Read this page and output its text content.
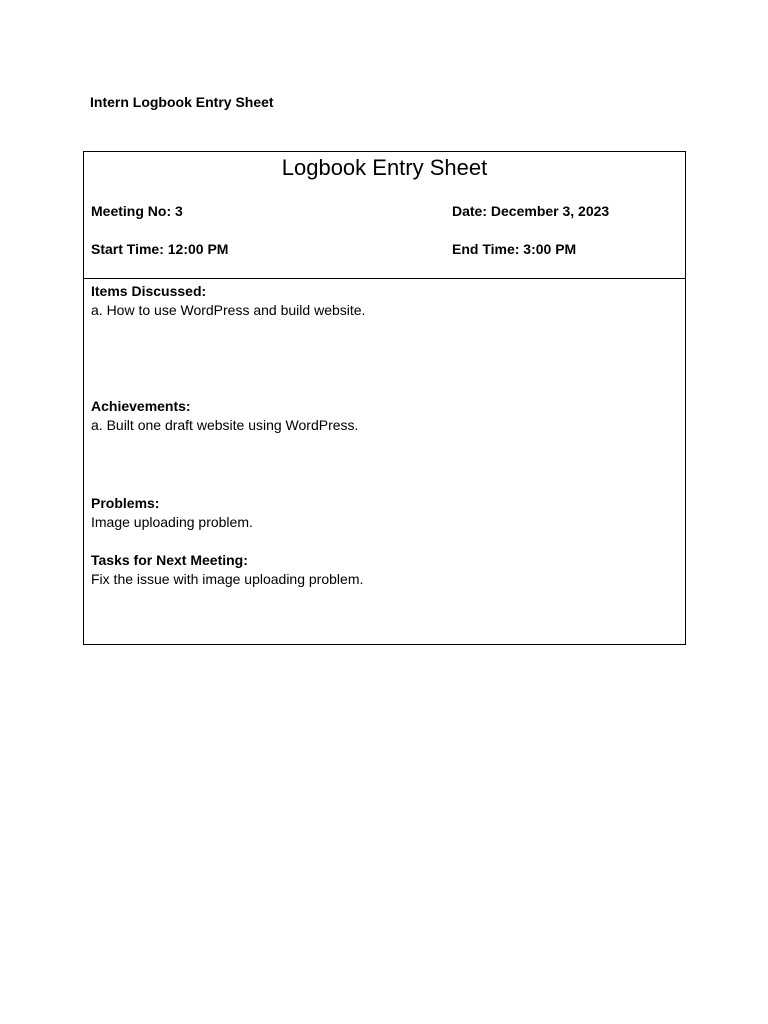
Intern Logbook Entry Sheet
Logbook Entry Sheet
Meeting No: 3	Date: December 3, 2023
Start Time: 12:00 PM	End Time: 3:00 PM
Items Discussed:
a. How to use WordPress and build website.
Achievements:
a. Built one draft website using WordPress.
Problems:
Image uploading problem.
Tasks for Next Meeting:
Fix the issue with image uploading problem.
